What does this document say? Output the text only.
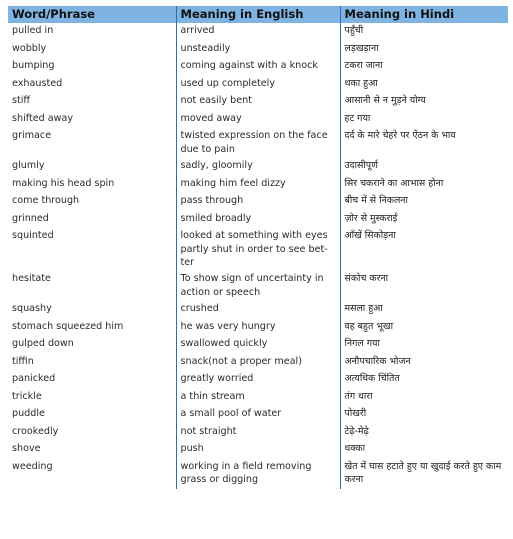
Word/Phrase	Meaning in English	Meaning in Hindi
pulled in	arrived	पहुँची
wobbly	unsteadily	लड़खड़ाना
bumping	coming against with a knock	टकरा जाना
exhausted	used up completely	थका हुआ
stiff	not easily bent	आसानी से न मुड़ने योग्य
shifted away	moved away	हट गया
grimace	twisted expression on the face due to pain	दर्द के मारे चेहरे पर ऐंठन के भाव
glumly	sadly, gloomily	उदासीपूर्ण
making his head spin	making him feel dizzy	सिर चकराने का आभास होना
come through	pass through	बीच में से निकलना
grinned	smiled broadly	ज़ोर से मुस्कराई
squinted	looked at something with eyes partly shut in order to see bet-ter	आँखें सिकोड़ना
hesitate	To show sign of uncertainty in action or speech	संकोच करना
squashy	crushed	मसला हुआ
stomach squeezed him	he was very hungry	वह बहुत भूखा
gulped down	swallowed quickly	निगल गया
tiffin	snack(not a proper meal)	अनौपचारिक भोजन
panicked	greatly worried	अत्यधिक चिंतित
trickle	a thin stream	तंग धारा
puddle	a small pool of water	पोखरी
crookedly	not straight	टेढ़े-मेढ़े
shove	push	धक्का
weeding	working in a field removing grass or digging	खेत में घास हटाते हुए या खुदाई करते हुए काम करना
